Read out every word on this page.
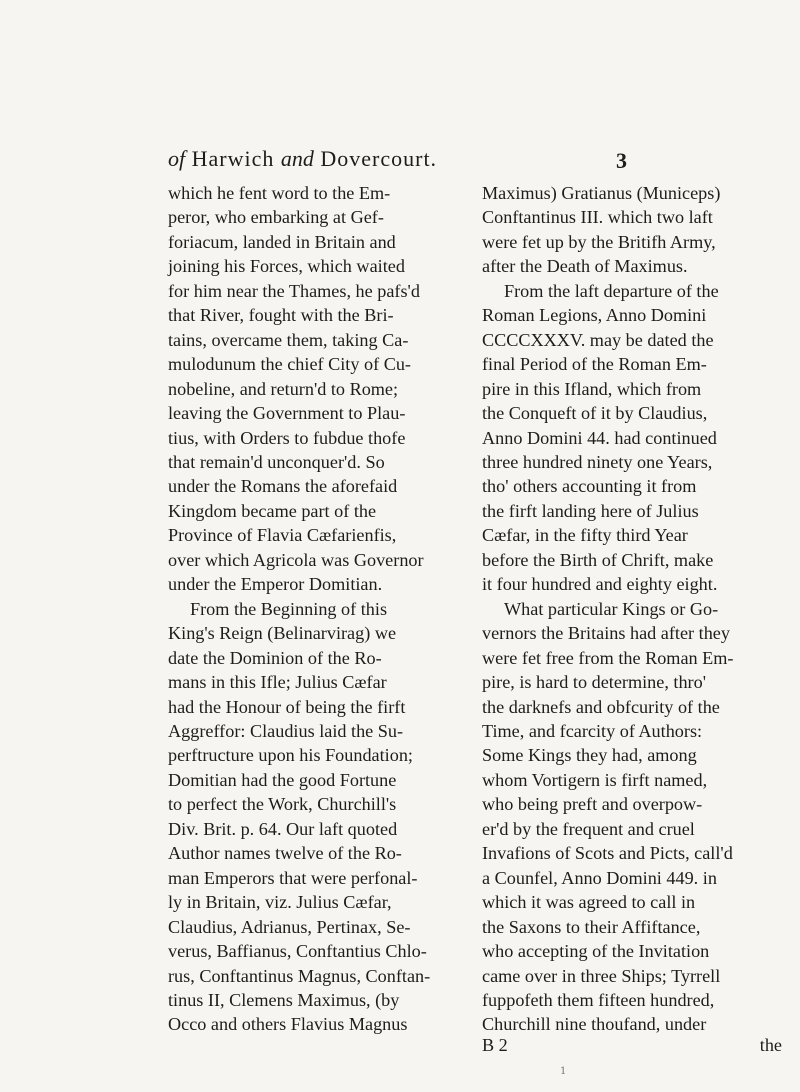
of Harwich and Dovercourt.	3

which he fent word to the Em-

peror, who embarking at Gef-

foriacum, landed in Britain and

joining his Forces, which waited

for him near the Thames, he pafs'd

that River, fought with the Bri-

tains, overcame them, taking Ca-

mulodunum the chief City of Cu-

nobeline, and return'd to Rome;

leaving the Government to Plau-

tius, with Orders to fubdue thofe

that remain'd unconquer'd. So

under the Romans the aforefaid

Kingdom became part of the

Province of Flavia Cæfarienfis,

over which Agricola was Governor

under the Emperor Domitian.

From the Beginning of this

King's Reign (Belinarvirag) we

date the Dominion of the Ro-

mans in this Ifle; Julius Cæfar

had the Honour of being the firft

Aggreffor: Claudius laid the Su-

perftructure upon his Foundation;

Domitian had the good Fortune

to perfect the Work, Churchill's

Div. Brit. p. 64. Our laft quoted

Author names twelve of the Ro-

man Emperors that were perfonal-

ly in Britain, viz. Julius Cæfar,

Claudius, Adrianus, Pertinax, Se-

verus, Baffianus, Conftantius Chlo-

rus, Conftantinus Magnus, Conftan-

tinus II, Clemens Maximus, (by

Occo and others Flavius Magnus

Maximus) Gratianus (Municeps)

Conftantinus III. which two laft

were fet up by the Britifh Army,

after the Death of Maximus.

From the laft departure of the

Roman Legions, Anno Domini

CCCCXXXV. may be dated the

final Period of the Roman Em-

pire in this Ifland, which from

the Conqueft of it by Claudius,

Anno Domini 44. had continued

three hundred ninety one Years,

tho' others accounting it from

the firft landing here of Julius

Cæfar, in the fifty third Year

before the Birth of Chrift, make

it four hundred and eighty eight.

What particular Kings or Go-

vernors the Britains had after they

were fet free from the Roman Em-

pire, is hard to determine, thro'

the darknefs and obfcurity of the

Time, and fcarcity of Authors:

Some Kings they had, among

whom Vortigern is firft named,

who being preft and overpow-

er'd by the frequent and cruel

Invafions of Scots and Picts, call'd

a Counfel, Anno Domini 449. in

which it was agreed to call in

the Saxons to their Affiftance,

who accepting of the Invitation

came over in three Ships; Tyrrell

fuppofeth them fifteen hundred,

Churchill nine thoufand, under

B 2	the
1
